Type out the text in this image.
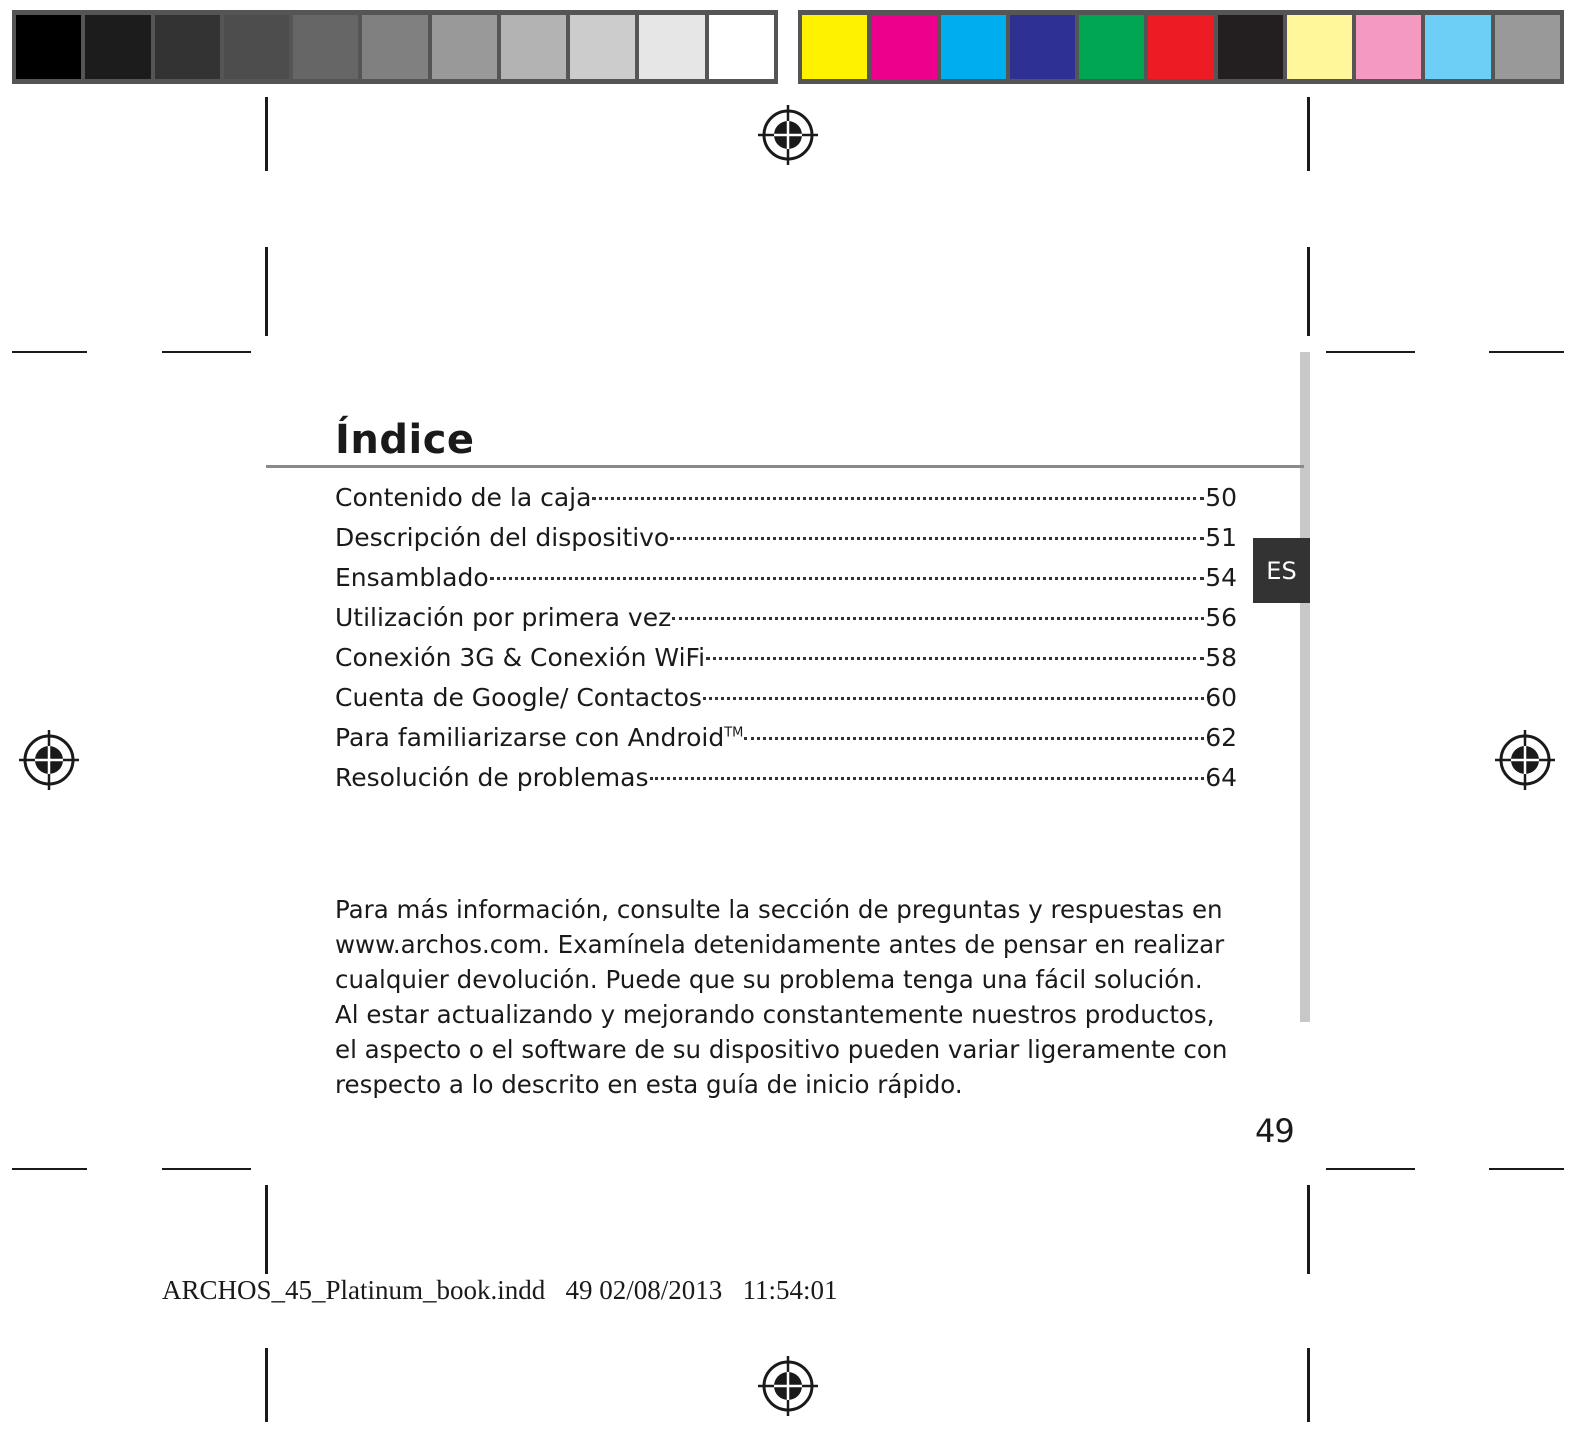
Índice
Contenido de la caja	50
Descripción del dispositivo	51
Ensamblado	54
Utilización por primera vez	56
Conexión 3G & Conexión WiFi	58
Cuenta de Google/ Contactos	60
Para familiarizarse con Android™	62
Resolución de problemas	64
ES

Para más información, consulte la sección de preguntas y respuestas en

www.archos.com. Examínela detenidamente antes de pensar en realizar

cualquier devolución. Puede que su problema tenga una fácil solución.

Al estar actualizando y mejorando constantemente nuestros productos,

el aspecto o el software de su dispositivo pueden variar ligeramente con

respecto a lo descrito en esta guía de inicio rápido.

49
ARCHOS_45_Platinum_book.indd   49 02/08/2013   11:54:01
